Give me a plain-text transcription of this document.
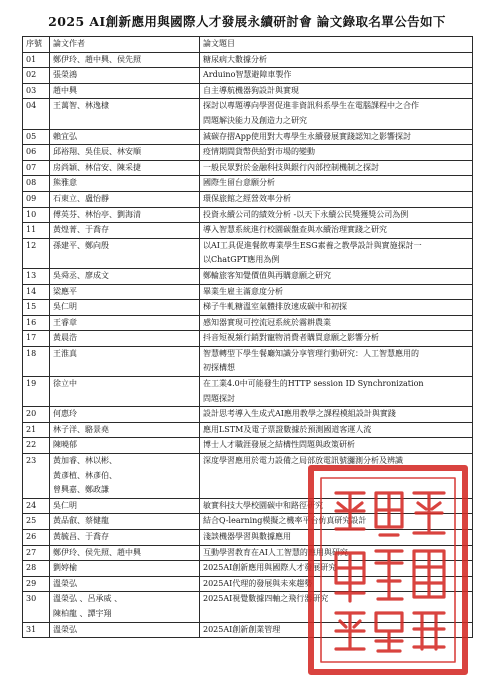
2025 AI創新應用與國際人才發展永續研討會 論文錄取名單公告如下
序號	論文作者	論文題目
01	鄭伊玲、趙中興、侯先照	糖尿病大數據分析
02	張榮鴻	Arduino智慧避障車製作
03	趙中興	自主導航機器狗設計與實現
04	王萬智、林逸棣	探討以專題導向學習促進非資訊科系學生在電腦課程中之合作
問題解決能力及創造力之研究
05	賴宜弘	減碳存摺App使用對大專學生永續發展實踐認知之影響探討
06	邱裕翔、吳佳辰、林安順	疫情期間貨幣供給對市場的變動
07	房尚穎、林信安、陳采捷	一般民眾對於金融科技與銀行內部控制機制之探討
08	熊雅意	國際生留台意願分析
09	石東立、盧怡靜	環保旅館之經營效率分析
10	傅英芬、林怡亭、劉海清	投資永續公司的績效分析 -以天下永續公民獎獲獎公司為例
11	黃煌菁、于喬存	導入智慧系統進行校園碳盤查與水續治理實踐之研究
12	孫建平、鄭向殷	以AI工具促進餐飲專業學生ESG素養之教學設計與實施探討一
以ChatGPT應用為例
13	吳舜丞、廖成文	鄭輪旅客知覺價值與再購意願之研究
14	梁應平	畢業生雇主滿意度分析
15	吳仁明	梯子牛軋糖溫室氣體排放速成碳中和初探
16	王睿章	感知器實現可控流冠系統於霧耕農業
17	黃晨浩	抖音短視頻行銷對寵物消費者購買意願之影響分析
18	王淮真	智慧轉型下學生餐廳知識分享管理行動研究：人工智慧應用的
初探構想
19	徐立中	在工業4.0中可能發生的HTTP session ID Synchronization
問題探討
20	何惠玲	設計思考導入生成式AI應用教學之課程模組設計與實踐
21	林子洋、駱景堯	應用LSTM及電子票證數據於預測國道客運人流
22	陳曉郁	博士人才職涯發展之結構性問題與政策研析
23	黃加睿、林以彬、
黃彥植、林彥伯、
曾興嘉、鄭政謙	深度學習應用於電力設備之局部放電訊號瀰測分析及辨識
24	吳仁明	敏實科技大學校園碳中和路徑研究
25	黃品叡、蔡健龍	結合Q-learning模擬之機率平台仿真研究設計
26	黃毓昌、于喬存	淺談機器學習與數據應用
27	鄭伊玲、侯先照、趙中興	互動學習教育在AI人工智慧的應用與研究
28	劉婷榆	2025AI創新應用與國際人才發展研究
29	溫榮弘	2025AI代理的發展與未來趨勢
30	溫榮弘 、呂承威 、
陳柏龍 、譚宇翔	2025AI視覺數據四軸之飛行器研究
31	溫榮弘	2025AI創新創業管理
